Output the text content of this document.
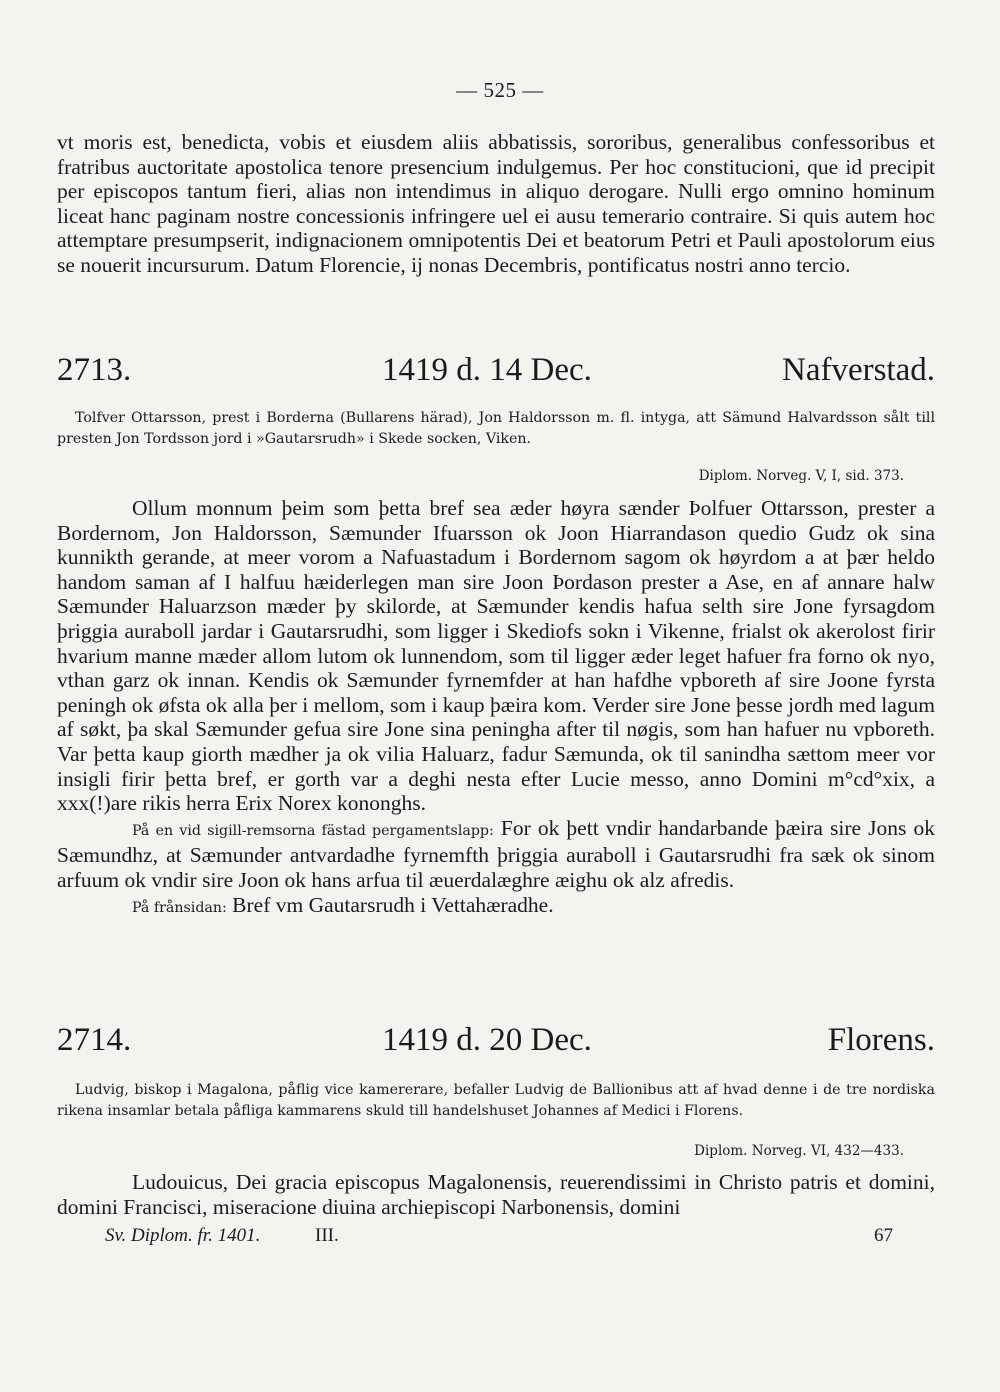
— 525 —

vt moris est, benedicta, vobis et eiusdem aliis abbatissis, sororibus, generalibus confessoribus et fratribus auctoritate apostolica tenore presencium indulgemus. Per hoc constitucioni, que id precipit per episcopos tantum fieri, alias non intendimus in aliquo derogare. Nulli ergo omnino hominum liceat hanc paginam nostre concessionis infringere uel ei ausu temerario contraire. Si quis autem hoc attemptare presumpserit, indignacionem omnipotentis Dei et beatorum Petri et Pauli apostolorum eius se nouerit incursurum. Datum Florencie, ij nonas Decembris, pontificatus nostri anno tercio.

2713.	1419 d. 14 Dec.	Nafverstad.
Tolfver Ottarsson, prest i Borderna (Bullarens härad), Jon Haldorsson m. fl. intyga, att Sämund Halvardsson sålt till presten Jon Tordsson jord i »Gautarsrudh» i Skede socken, Viken.
Diplom. Norveg. V, I, sid. 373.

Ollum monnum þeim som þetta bref sea æder høyra sænder Þolfuer Ottarsson, prester a Bordernom, Jon Haldorsson, Sæmunder Ifuarsson ok Joon Hiarrandason quedio Gudz ok sina kunnikth gerande, at meer vorom a Nafuastadum i Bordernom sagom ok høyrdom a at þær heldo handom saman af I halfuu hæiderlegen man sire Joon Þordason prester a Ase, en af annare halw Sæmunder Haluarzson mæder þy skilorde, at Sæmunder kendis hafua selth sire Jone fyrsagdom þriggia auraboll jardar i Gautarsrudhi, som ligger i Skediofs sokn i Vikenne, frialst ok akerolost firir hvarium manne mæder allom lutom ok lunnendom, som til ligger æder leget hafuer fra forno ok nyo, vthan garz ok innan. Kendis ok Sæmunder fyrnemfder at han hafdhe vpboreth af sire Joone fyrsta peningh ok øfsta ok alla þer i mellom, som i kaup þæira kom. Verder sire Jone þesse jordh med lagum af søkt, þa skal Sæmunder gefua sire Jone sina peningha after til nøgis, som han hafuer nu vpboreth. Var þetta kaup giorth mædher ja ok vilia Haluarz, fadur Sæmunda, ok til sanindha sættom meer vor insigli firir þetta bref, er gorth var a deghi nesta efter Lucie messo, anno Domini m°cd°xix, a xxx(!)are rikis herra Erix Norex kononghs.

På en vid sigill-remsorna fästad pergamentslapp: For ok þett vndir handarbande þæira sire Jons ok Sæmundhz, at Sæmunder antvardadhe fyrnemfth þriggia auraboll i Gautarsrudhi fra sæk ok sinom arfuum ok vndir sire Joon ok hans arfua til æuerdalæghre æighu ok alz afredis.

På frånsidan: Bref vm Gautarsrudh i Vettahæradhe.

2714.	1419 d. 20 Dec.	Florens.
Ludvig, biskop i Magalona, påflig vice kamererare, befaller Ludvig de Ballionibus att af hvad denne i de tre nordiska rikena insamlar betala påfliga kammarens skuld till handelshuset Johannes af Medici i Florens.
Diplom. Norveg. VI, 432—433.

Ludouicus, Dei gracia episcopus Magalonensis, reuerendissimi in Christo patris et domini, domini Francisci, miseracione diuina archiepiscopi Narbonensis, domini

Sv. Diplom. fr. 1401.	III.	67
